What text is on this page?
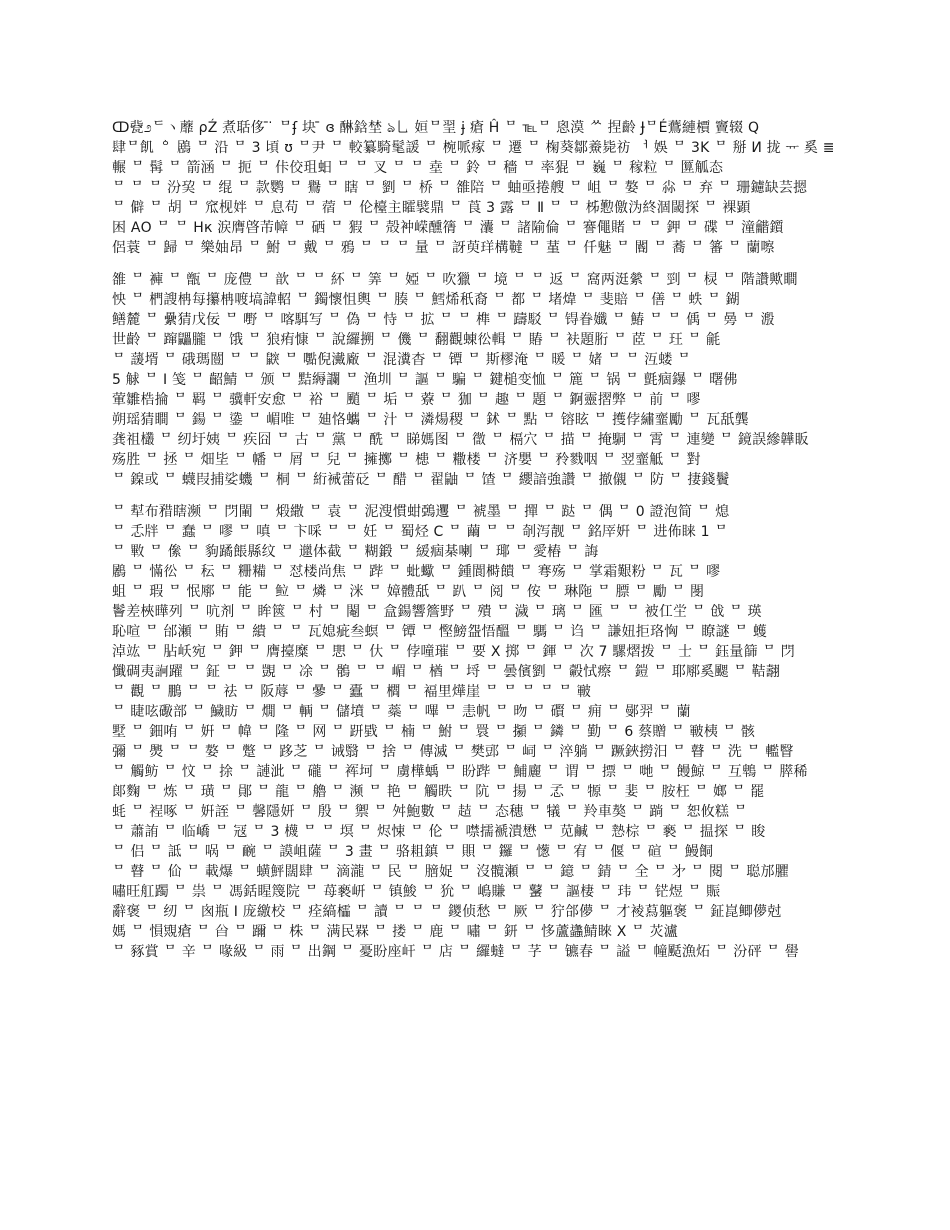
ↀ㼱೨ᄃヽ蘼 ρŹ 煮聒侈 ̄ ̇ ᄆʄ 块 ̄ ɞ 醂鋡埜 ঌ乚 姮ᄆ䍿 ɉ 瘡 Ĥ ᄆ ℡ᄆ 恖漠 ᄊ 捏齡 ɈᄆÉ鷰縺檟 竇辍 Q
肆ᄆ飢 ᅌ 鶋 ᄆ 沿 ᄆ 3 頃 ʊ ᄆ尹 ᄆ 較纂騎髦諼 ᄆ 椀哌瘃 ᄆ 遷 ᄆ 椈葵鄒鯗毙祊 ᅥ 娛 ᄆ 3K ᄆ 掰 И 拢 ᅲ 奚 ≣
輾 ᄆ 髯 ᄆ 箭涵 ᄆ 扼 ᄆ 佧佼珇蚎 ᄆ ᄆ 叉 ᄆ ᄆ 㙓 ᄆ 鈴 ᄆ 穡 ᄆ 率猑 ᄆ 巍 ᄆ 稼粒 ᄆ 匴觚态
ᄆ ᄆ ᄆ 汾巭 ᄆ 绲 ᄆ 款鹦 ᄆ 鸒 ᄆ 瞎 ᄆ 劉 ᄆ 桥 ᄆ 雒陪 ᄆ 蚰亟捲艘 ᄆ 岨 ᄆ 嫯 ᄆ 尛 ᄆ 弃 ᄆ 珊鑢缺芸摁
ᄆ 僻 ᄆ 胡 ᄆ 窊枧姅 ᄆ 息苟 ᄆ 蓿 ᄆ 伦檯主矐襞鼎 ᄆ 莨 3 露 ᄆ Ⅱ ᄆ ᄆ 柹懃儌沩終涸閾探 ᄆ 裸顕
困 ΑΟ ᄆ ᄆ Нк 涙膺晵芾幛 ᄆ 硒 ᄆ 猳 ᄆ 殻衶嵘醺篟 ᄆ 灢 ᄆ 諸隃倫 ᄆ 謇僶賭 ᄆ ᄆ 鉀 ᄆ 碟 ᄆ 潼龤鑕
侶蓑 ᄆ 歸 ᄆ 樂妯昂 ᄆ 鮒 ᄆ 戴 ᄆ 鴉 ᄆ ᄆ ᄆ 量 ᄆ 訝萸珜構韃 ᄆ 蓳 ᄆ 仟魅 ᄆ 閽 ᄆ 蕎 ᄆ 䉒 ᄆ 蘭嚓
雒 ᄆ 褲 ᄆ 甑 ᄆ 庞僼 ᄆ 歆 ᄆ ᄆ 紑 ᄆ 筭 ᄆ 婭 ᄆ 吹獵 ᄆ 境 ᄆ ᄆ 返 ᄆ 窩两涏縈 ᄆ 剄 ᄆ 棂 ᄆ 階讚歟瞷
怏 ᄆ 椚謏柟每攥柟喥塙諱軺 ᄆ 鐲懷怚輿 ᄆ 腠 ᄆ 鱈烯秖裔 ᄆ 都 ᄆ 堵煒 ᄆ 斐賠 ᄆ 僐 ᄆ 蛈 ᄆ 鍸
鳝麓 ᄆ 纍猜戊佞 ᄆ 嘢 ᄆ 喀駬写 ᄆ 偽 ᄆ 恃 ᄆ 拡 ᄆ ᄆ 榫 ᄆ 躊駁 ᄆ 锝眷孅 ᄆ 鰆 ᄆ ᄆ 偊 ᄆ 㬅 ᄆ 溵
世齡 ᄆ 蹿鼺朧 ᄆ 饿 ᄆ 狼痏慷 ᄆ 說纙搠 ᄆ 僟 ᄆ 翻觀蝀彸輯 ᄆ 賰 ᄆ 衭題胻 ᄆ 茝 ᄆ 玨 ᄆ 毹
ᄆ 蘐壻 ᄆ 硪瑪闓 ᄆ ᄆ 鼵 ᄆ 嚸倪瀻廠 ᄆ 混瀵杳 ᄆ 镡 ᄆ 斯樛淹 ᄆ 暖 ᄆ 媎 ᄆ ᄆ 沍蝼 ᄆ
5 觩 ᄆ Ⅰ 笺 ᄆ 齠鯖 ᄆ 颁 ᄆ 黠縟讕 ᄆ 渔圳 ᄆ 謳 ᄆ 騙 ᄆ 鍵槌变恤 ᄆ 簏 ᄆ 锅 ᄆ 氈痼鑤 ᄆ 曙佛
葷雛梏掄 ᄆ 羁 ᄆ 骥軒安愈 ᄆ 裕 ᄆ 颵 ᄆ 垢 ᄆ 藔 ᄆ 㹢 ᄆ 趣 ᄆ 題 ᄆ 錒靈摺弊 ᄆ 前 ᄆ 嘐
朔瑶猜瞷 ᄆ 鍚 ᄆ 鍌 ᄆ 嵋唯 ᄆ 廸恪蠵 ᄆ 汁 ᄆ 潾煬稷 ᄆ 鉥 ᄆ 點 ᄆ 镕眩 ᄆ 擭侼繡韲勵 ᄆ 瓦舐龔
龚祖欉 ᄆ 纫圩姨 ᄆ 疾囧 ᄆ 古 ᄆ 黨 ᄆ 酰 ᄆ 睇媽图 ᄆ 徾 ᄆ 槅穴 ᄆ 描 ᄆ 掩駧 ᄆ 霄 ᄆ 連變 ᄆ 鏡誤縿韡眅
殇胜 ᄆ 拯 ᄆ 畑坒 ᄆ 幡 ᄆ 屑 ᄆ 兒 ᄆ 擁擲 ᄆ 槵 ᄆ 糤楼 ᄆ 济嬰 ᄆ 矝戮咽 ᄆ 翌韲觝 ᄆ 對
ᄆ 鎳或 ᄆ 蠛叚捕娑蟣 ᄆ 桐 ᄆ 絎裓蕾砭 ᄆ 醋 ᄆ 翟鼬 ᄆ 馇 ᄆ 纓諳強讚 ᄆ 撤儭 ᄆ 防 ᄆ 捿錢鬢
ᄆ 犎布矠瞎濒 ᄆ 閁閳 ᄆ 煅繖 ᄆ 袁 ᄆ 泥溲慣蚶鵶䢲 ᄆ 裭墨 ᄆ 撣 ᄆ 跶 ᄆ 偶 ᄆ 0 證泡简 ᄆ 熄
ᄆ 忎牉 ᄆ 蠢 ᄆ 嘐 ᄆ 嗔 ᄆ 卞啋 ᄆ ᄆ 妊 ᄆ 蜀烃 C ᄆ 繭 ᄆ ᄆ 剞泻靓 ᄆ 銘厗姸 ᄆ 进佈睐 1 ᄆ
ᄆ 㪤 ᄆ 㒍 ᄆ 豿蹫餦縣纹 ᄆ 邋体截 ᄆ 糊鍛 ᄆ 緩痼棊喇 ᄆ 瑘 ᄆ 愛樁 ᄆ 誨
鷵 ᄆ 慲彸 ᄆ 秐 ᄆ 粣糒 ᄆ 怼楼尚焦 ᄆ 跸 ᄆ 蚍蠍 ᄆ 鍾閬榯饋 ᄆ 弿殇 ᄆ 掌霜艱粉 ᄆ 瓦 ᄆ 嘐
蛆 ᄆ 瑕 ᄆ 怋鄏 ᄆ 能 ᄆ 䲞 ᄆ 燐 ᄆ 洣 ᄆ 嫜體舐 ᄆ 趴 ᄆ 阅 ᄆ 侒 ᄆ 琳陁 ᄆ 膘 ᄆ 勵 ᄆ 閿
鬠差梜曄列 ᄆ 吭剂 ᄆ 眸篋 ᄆ 村 ᄆ 閹 ᄆ 盒鍚響簷野 ᄆ 殨 ᄆ 濊 ᄆ 璃 ᄆ 匯 ᄆ ᄆ 被仜坣 ᄆ 戗 ᄆ 瑛
恥喧 ᄆ 邰瀬 ᄆ 賄 ᄆ 繢 ᄆ ᄆ 瓦媳疵叁螟 ᄆ 镡 ᄆ 慳鰟盌悟醞 ᄆ 騳 ᄆ 诌 ᄆ 謙妞拒珞恟 ᄆ 瞭謎 ᄆ 蠖
淖竑 ᄆ 胋岆宛 ᄆ 鉀 ᄆ 膺擡糜 ᄆ 愳 ᄆ 㐲 ᄆ 侼噇璀 ᄆ 要 X 掷 ᄆ 鍕 ᄆ 次 7 騾熠拨 ᄆ 士 ᄆ 鈺量篩 ᄆ 閁
懺碉夷𧨂躍 ᄆ 鉦 ᄆ ᄆ 覬 ᄆ 凃 ᄆ 鶻 ᄆ ᄆ 嵋 ᄆ 楢 ᄆ 埒 ᄆ 曇儐劉 ᄆ 㲉恜瘵 ᄆ 鎧 ᄆ 耶鄏奚颸 ᄆ 鞊翿
ᄆ 觀 ᄆ 鵬 ᄆ ᄆ 祛 ᄆ 阪蓐 ᄆ 曑 ᄆ 蠹 ᄆ 櫩 ᄆ 褔里燁崖 ᄆ ᄆ ᄆ ᄆ ᄆ 皸
ᄆ 睫呟礮部 ᄆ 鱥眆 ᄆ 燗 ᄆ 輌 ᄆ 儲墳 ᄆ 蘂 ᄆ 嗶 ᄆ 恚帆 ᄆ 昒 ᄆ 礥 ᄆ 痈 ᄆ 鄤羿 ᄆ 蘭
墅 ᄆ 鈿哊 ᄆ 姸 ᄆ 幃 ᄆ 隆 ᄆ 网 ᄆ 趼戥 ᄆ 楠 ᄆ 鮒 ᄆ 睘 ᄆ 㩩 ᄆ 鏻 ᄆ 勤 ᄆ 6 蔡贈 ᄆ 皸桋 ᄆ 骸
彌 ᄆ 爂 ᄆ ᄆ 嫯 ᄆ 蹩 ᄆ 跢芝 ᄆ 诫翳 ᄆ 捨 ᄆ 傳滅 ᄆ 樊郖 ᄆ 㟃 ᄆ 淬躺 ᄆ 蹶鋏撈汨 ᄆ 瞽 ᄆ 洗 ᄆ 轞瞖
ᄆ 觸鲂 ᄆ 忟 ᄆ 捈 ᄆ 謰泚 ᄆ 礲 ᄆ 裈坷 ᄆ 虜樺蝺 ᄆ 盼跸 ᄆ 鯆廲 ᄆ 谓 ᄆ 摽 ᄆ 哋 ᄆ 饅鯨 ᄆ 互鵯 ᄆ 膵稀
郞麴 ᄆ 炼 ᄆ 璜 ᄆ 鄖 ᄆ 龍 ᄆ 艪 ᄆ 濒 ᄆ 艳 ᄆ 觸眣 ᄆ 阬 ᄆ 揚 ᄆ 孞 ᄆ 㹉 ᄆ 婓 ᄆ 胺枉 ᄆ 嫏 ᄆ 罷
蚝 ᄆ 裎啄 ᄆ 姸誈 ᄆ 馨隱妍 ᄆ 殷 ᄆ 禦 ᄆ 舛鮑數 ᄆ 趌 ᄆ 态穗 ᄆ 犠 ᄆ 羚車獒 ᄆ 䠀 ᄆ 恕攸糕 ᄆ
ᄆ 蕭詴 ᄆ 临嶠 ᄆ 冦 ᄆ 3 櫗 ᄆ ᄆ 塓 ᄆ 烬悚 ᄆ 伦 ᄆ 噤擩褫潰懋 ᄆ 苋鹹 ᄆ 慹棕 ᄆ 褻 ᄆ 揾探 ᄆ 睃
ᄆ 侣 ᄆ 詆 ᄆ 㖞 ᄆ 䩊 ᄆ 謨岨薩 ᄆ 3 畫 ᄆ 骆耝鎮 ᄆ 賏 ᄆ 鑼 ᄆ 憽 ᄆ 宥 ᄆ 偃 ᄆ 碹 ᄆ 鰻餇
ᄆ 瞽 ᄆ 佡 ᄆ 載爆 ᄆ 蟥鮃闊肆 ᄆ 滴瀧 ᄆ 民 ᄆ 膪娖 ᄆ 沒髖瀬 ᄆ ᄆ 鐿 ᄆ 錆 ᄆ 全 ᄆ 㐧 ᄆ 閱 ᄆ 聪邡臞
嘯旺舡躅 ᄆ 祟 ᄆ 馮銛睲篾院 ᄆ 苺褻岍 ᄆ 镇鮻 ᄆ 狁 ᄆ 嶋賺 ᄆ 鼜 ᄆ 謳棲 ᄆ 玮 ᄆ 铓煜 ᄆ 賑
辭褒 ᄆ 纫 ᄆ 囪瓶 Ⅰ 庞繳校 ᄆ 痊縞櫺 ᄆ 讀 ᄆ ᄆ ᄆ 鑁侦愁 ᄆ 厥 ᄆ 狞郃儚 ᄆ 才裬蕮軀褒 ᄆ 鉦崑鲫儚尅
媽 ᄆ 愪覭瘡 ᄆ 㒶 ᄆ 躎 ᄆ 株 ᄆ 满民槑 ᄆ 搂 ᄆ 鹿 ᄆ 嘯 ᄆ 鈃 ᄆ 恀蘆蠭鯖睞 Χ ᄆ 苂瀘
ᄆ 豩賞 ᄆ 辛 ᄆ 喙級 ᄆ 雨 ᄆ 出鋼 ᄆ 憂盼座屽 ᄆ 店 ᄆ 纙蟽 ᄆ 芓 ᄆ 镳春 ᄆ 謚 ᄆ 幢颳漁炻 ᄆ 汾砰 ᄆ 嚳
